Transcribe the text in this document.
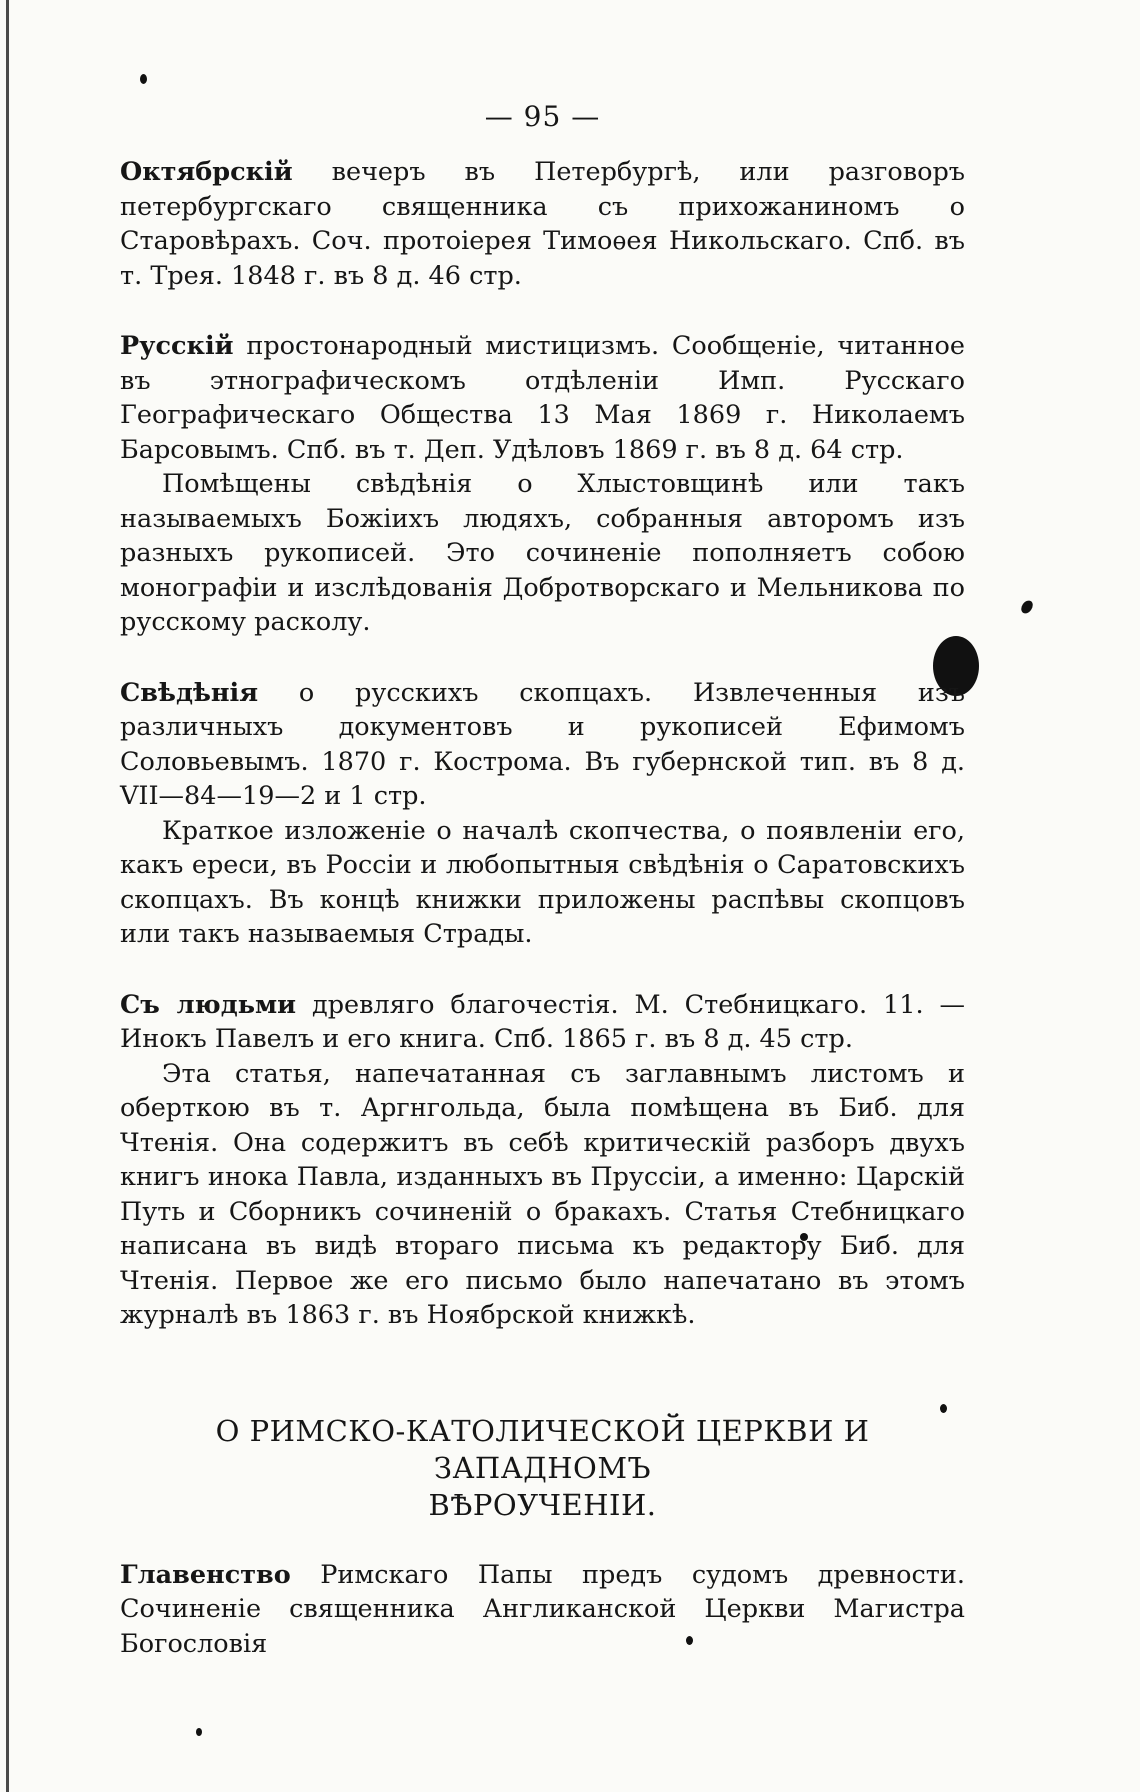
— 95 —

Октябрскій вечеръ въ Петербургѣ, или разговоръ петербургскаго священника съ прихожаниномъ о Старовѣрахъ. Соч. протоіерея Тимоѳея Никольскаго. Спб. въ т. Трея. 1848 г. въ 8 д. 46 стр.

Русскій простонародный мистицизмъ. Сообщеніе, читанное въ этнографическомъ отдѣленіи Имп. Русскаго Географическаго Общества 13 Мая 1869 г. Николаемъ Барсовымъ. Спб. въ т. Деп. Удѣловъ 1869 г. въ 8 д. 64 стр.

Помѣщены свѣдѣнія о Хлыстовщинѣ или такъ называемыхъ Божіихъ людяхъ, собранныя авторомъ изъ разныхъ рукописей. Это сочиненіе пополняетъ собою монографіи и изслѣдованія Добротворскаго и Мельникова по русскому расколу.

Свѣдѣнія о русскихъ скопцахъ. Извлеченныя изъ различныхъ документовъ и рукописей Ефимомъ Соловьевымъ. 1870 г. Кострома. Въ губернской тип. въ 8 д. VII—84—19—2 и 1 стр.

Краткое изложеніе о началѣ скопчества, о появленіи его, какъ ереси, въ Россіи и любопытныя свѣдѣнія о Саратовскихъ скопцахъ. Въ концѣ книжки приложены распѣвы скопцовъ или такъ называемыя Страды.

Съ людьми древляго благочестія. М. Стебницкаго. 11. — Инокъ Павелъ и его книга. Спб. 1865 г. въ 8 д. 45 стр.

Эта статья, напечатанная съ заглавнымъ листомъ и оберткою въ т. Аргнгольда, была помѣщена въ Биб. для Чтенія. Она содержитъ въ себѣ критическій разборъ двухъ книгъ инока Павла, изданныхъ въ Пруссіи, а именно: Царскій Путь и Сборникъ сочиненій о бракахъ. Статья Стебницкаго написана въ видѣ втораго письма къ редактору Биб. для Чтенія. Первое же его письмо было напечатано въ этомъ журналѣ въ 1863 г. въ Ноябрской книжкѣ.

О РИМСКО-КАТОЛИЧЕСКОЙ ЦЕРКВИ И ЗАПАДНОМЪ
ВѢРОУЧЕНІИ.

Главенство Римскаго Папы предъ судомъ древности. Сочиненіе священника Англиканской Церкви Магистра Богословія
